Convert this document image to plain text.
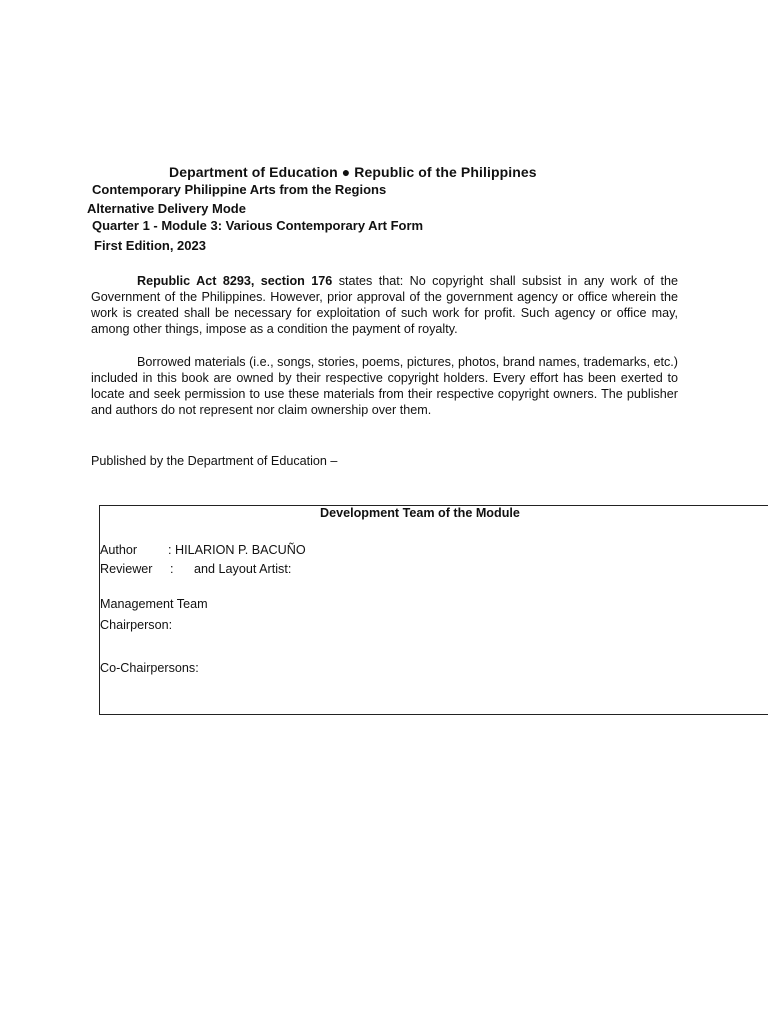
Department of Education ● Republic of the Philippines
Contemporary Philippine Arts from the Regions
Alternative Delivery Mode
Quarter 1 - Module 3: Various Contemporary Art Form
First Edition, 2023
Republic Act 8293, section 176 states that: No copyright shall subsist in any work of the Government of the Philippines. However, prior approval of the government agency or office wherein the work is created shall be necessary for exploitation of such work for profit. Such agency or office may, among other things, impose as a condition the payment of royalty.
Borrowed materials (i.e., songs, stories, poems, pictures, photos, brand names, trademarks, etc.) included in this book are owned by their respective copyright holders. Every effort has been exerted to locate and seek permission to use these materials from their respective copyright owners. The publisher and authors do not represent nor claim ownership over them.
Published by the Department of Education –
Development Team of the Module
Author : HILARION P. BACUÑO
Reviewer : and Layout Artist:
Management Team
Chairperson:
Co-Chairpersons:
